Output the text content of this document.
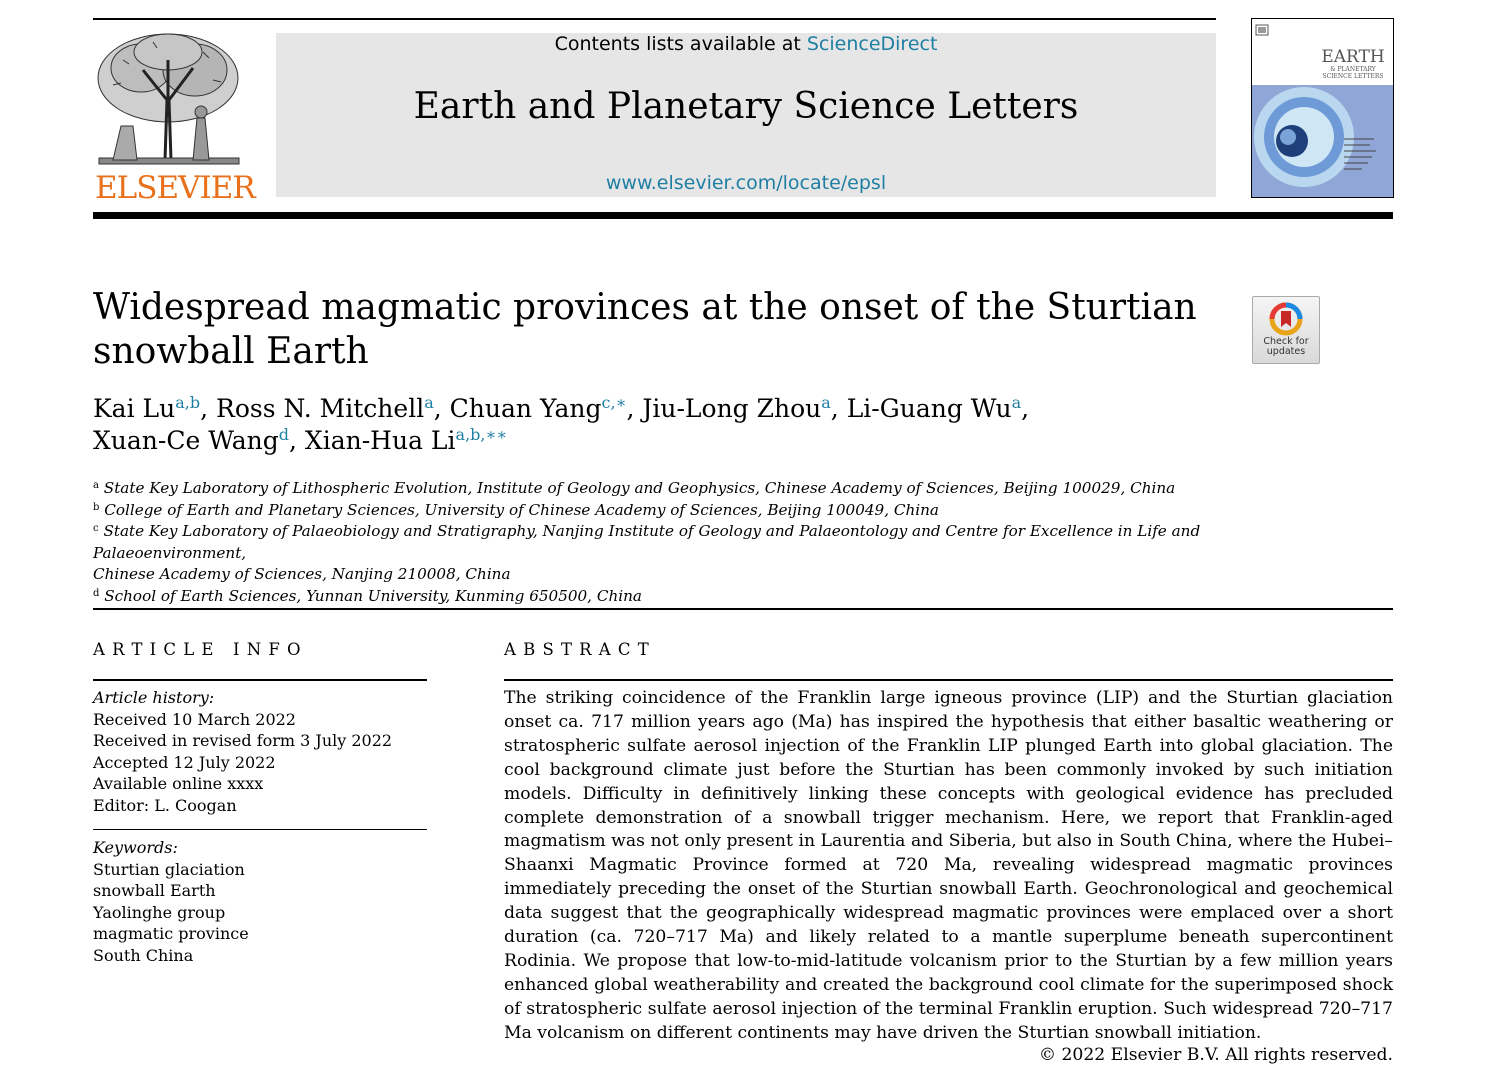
ELSEVIER
Contents lists available at ScienceDirect
Earth and Planetary Science Letters
www.elsevier.com/locate/epsl
EARTH
& PLANETARY
SCIENCE LETTERS
Widespread magmatic provinces at the onset of the Sturtian snowball Earth	Check for
updates
Kai Lu$^{a,b}$, Ross N. Mitchell$^a$, Chuan Yang$^{c,∗}$, Jiu-Long Zhou$^a$, Li-Guang Wu$^a$,
Xuan-Ce Wang$^d$, Xian-Hua $Li^{a,b,∗∗}$
$^a$ State Key Laboratory of Lithospheric Evolution, Institute of Geology and Geophysics, Chinese Academy of Sciences, Beijing 100029, China
$^b$ College of Earth and Planetary Sciences, University of Chinese Academy of Sciences, Beijing 100049, China
$^c$ State Key Laboratory of Palaeobiology and Stratigraphy, Nanjing Institute of Geology and Palaeontology and Centre for Excellence in Life and Palaeoenvironment,
Chinese Academy of Sciences, Nanjing 210008, China
$^d$ School of Earth Sciences, Yunnan University, Kunming 650500, China
ARTICLE INFO
Article history:
Received 10 March 2022
Received in revised form 3 July 2022
Accepted 12 July 2022
Available online xxxx
Editor: L. Coogan
Keywords:
Sturtian glaciation
snowball Earth
Yaolinghe group
magmatic province
South China
ABSTRACT
The striking coincidence of the Franklin large igneous province (LIP) and the Sturtian glaciation onset ca. 717 million years ago (Ma) has inspired the hypothesis that either basaltic weathering or stratospheric sulfate aerosol injection of the Franklin LIP plunged Earth into global glaciation. The cool background climate just before the Sturtian has been commonly invoked by such initiation models. Difficulty in definitively linking these concepts with geological evidence has precluded complete demonstration of a snowball trigger mechanism. Here, we report that Franklin-aged magmatism was not only present in Laurentia and Siberia, but also in South China, where the Hubei–Shaanxi Magmatic Province formed at 720 Ma, revealing widespread magmatic provinces immediately preceding the onset of the Sturtian snowball Earth. Geochronological and geochemical data suggest that the geographically widespread magmatic provinces were emplaced over a short duration (ca. 720–717 Ma) and likely related to a mantle superplume beneath supercontinent Rodinia. We propose that low-to-mid-latitude volcanism prior to the Sturtian by a few million years enhanced global weatherability and created the background cool climate for the superimposed shock of stratospheric sulfate aerosol injection of the terminal Franklin eruption. Such widespread 720–717 Ma volcanism on different continents may have driven the Sturtian snowball initiation.
© 2022 Elsevier B.V. All rights reserved.
